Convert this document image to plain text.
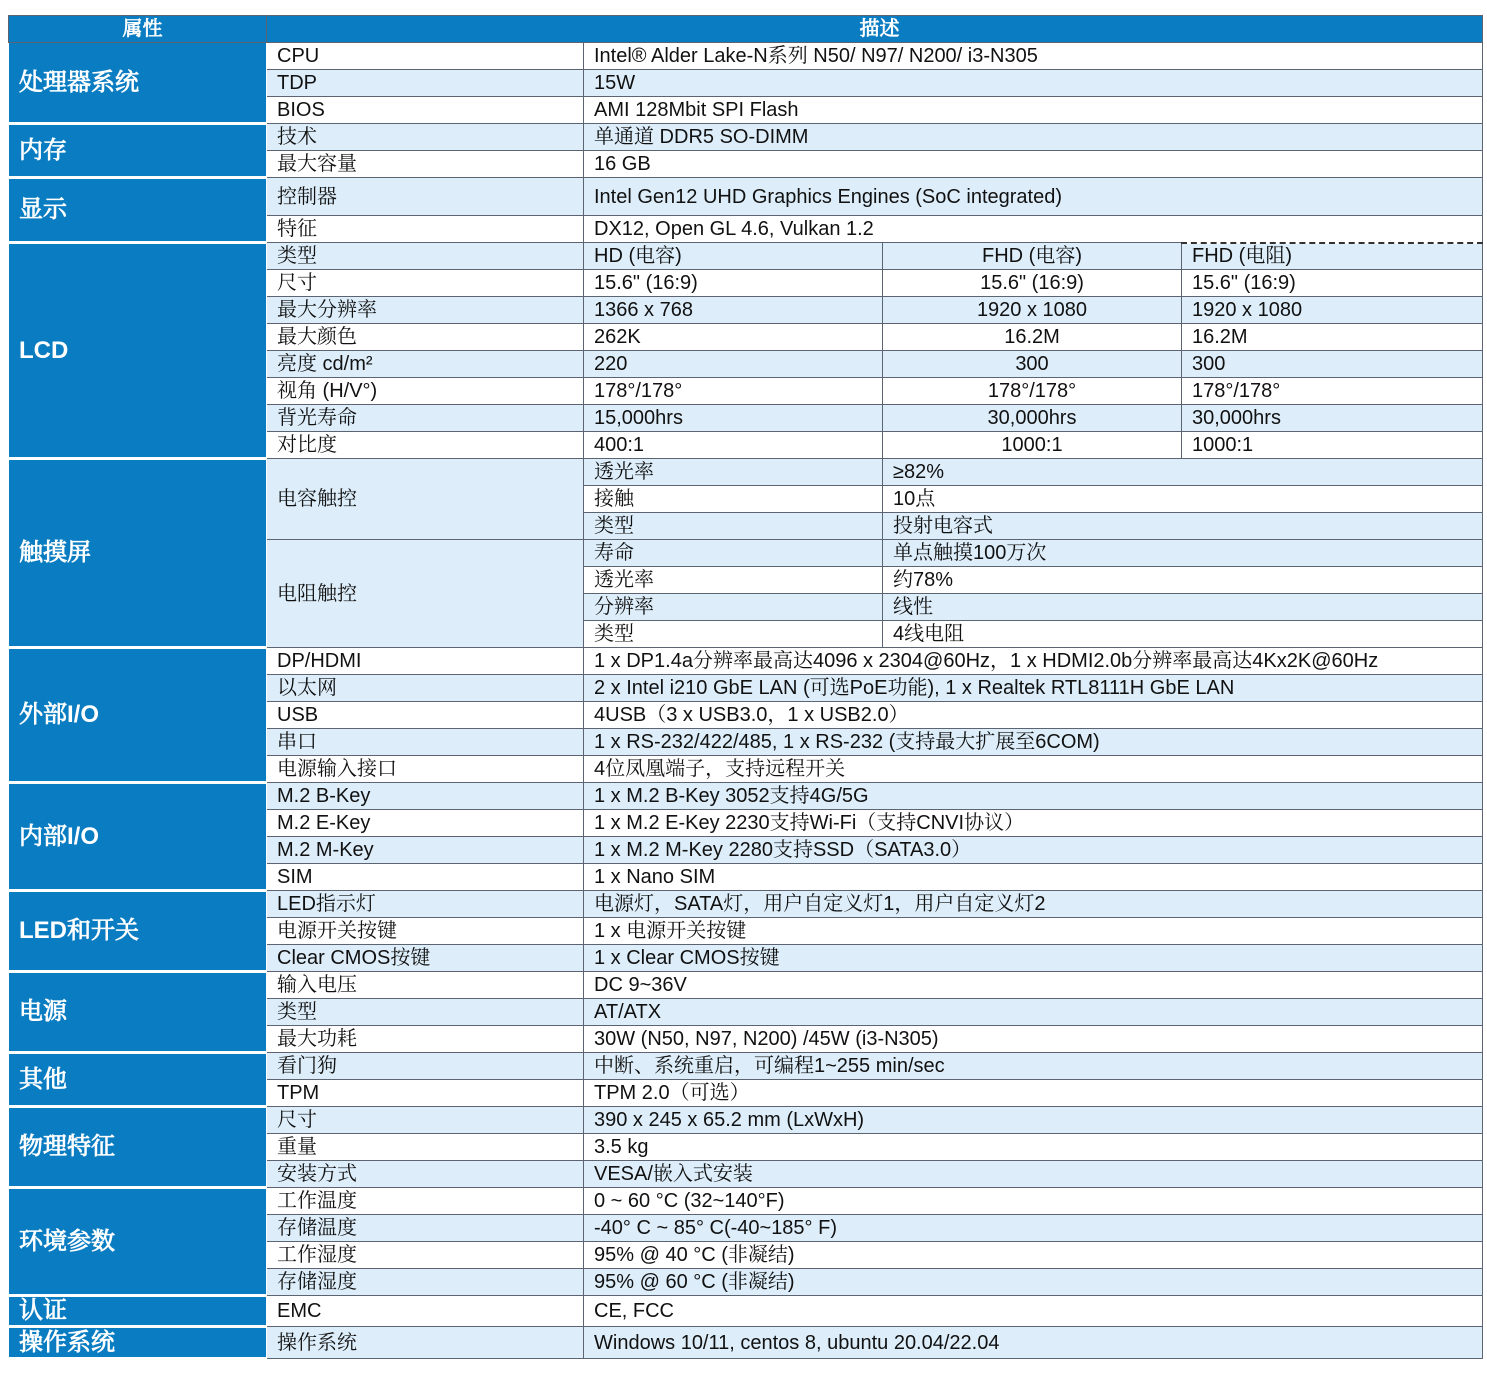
属性	描述			
处理器系统	CPU	Intel® Alder Lake-N系列 N50/ N97/ N200/ i3-N305		
	TDP	15W		
	BIOS	AMI 128Mbit SPI Flash		
内存	技术	单通道 DDR5 SO-DIMM		
	最大容量	16 GB		
显示	控制器	Intel Gen12 UHD Graphics Engines (SoC integrated)		
	特征	DX12, Open GL 4.6, Vulkan 1.2		
LCD	类型	HD (电容)	FHD (电容)	FHD (电阻)
	尺寸	15.6" (16:9)	15.6" (16:9)	15.6" (16:9)
	最大分辨率	1366 x 768	1920 x 1080	1920 x 1080
	最大颜色	262K	16.2M	16.2M
	亮度 cd/m²	220	300	300
	视角 (H/V°)	178°/178°	178°/178°	178°/178°
	背光寿命	15,000hrs	30,000hrs	30,000hrs
	对比度	400:1	1000:1	1000:1
触摸屏	电容触控	透光率	≥82%	
		接触	10点	
		类型	投射电容式	
	电阻触控	寿命	单点触摸100万次	
		透光率	约78%	
		分辨率	线性	
		类型	4线电阻	
外部I/O	DP/HDMI	1 x DP1.4a分辨率最高达4096 x 2304@60Hz，1 x HDMI2.0b分辨率最高达4Kx2K@60Hz		
	以太网	2 x Intel i210 GbE LAN (可选PoE功能), 1 x Realtek RTL8111H GbE LAN		
	USB	4USB（3 x USB3.0，1 x USB2.0）		
	串口	1 x RS-232/422/485, 1 x RS-232 (支持最大扩展至6COM)		
	电源输入接口	4位凤凰端子，支持远程开关		
内部I/O	M.2 B-Key	1 x M.2 B-Key 3052支持4G/5G		
	M.2 E-Key	1 x M.2 E-Key 2230支持Wi-Fi（支持CNVI协议）		
	M.2 M-Key	1 x M.2 M-Key 2280支持SSD（SATA3.0）		
	SIM	1 x Nano SIM		
LED和开关	LED指示灯	电源灯，SATA灯，用户自定义灯1，用户自定义灯2		
	电源开关按键	1 x 电源开关按键		
	Clear CMOS按键	1 x Clear CMOS按键		
电源	输入电压	DC 9~36V		
	类型	AT/ATX		
	最大功耗	30W (N50, N97, N200) /45W (i3-N305)		
其他	看门狗	中断、系统重启，可编程1~255 min/sec		
	TPM	TPM 2.0（可选）		
物理特征	尺寸	390 x 245 x 65.2 mm (LxWxH)		
	重量	3.5 kg		
	安装方式	VESA/嵌入式安装		
环境参数	工作温度	0 ~ 60 °C (32~140°F)		
	存储温度	-40° C ~ 85° C(-40~185° F)		
	工作湿度	95% @ 40 °C (非凝结)		
	存储湿度	95% @ 60 °C (非凝结)		
认证	EMC	CE, FCC		
操作系统	操作系统	Windows 10/11, centos 8, ubuntu 20.04/22.04		
